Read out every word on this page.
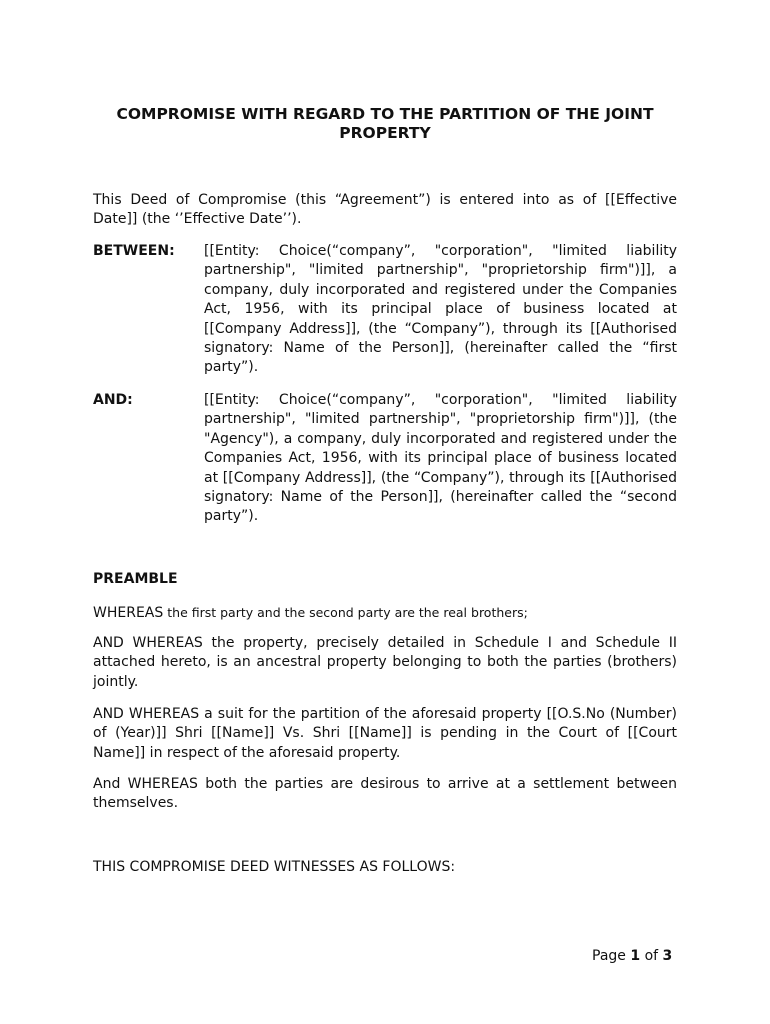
COMPROMISE WITH REGARD TO THE PARTITION OF THE JOINT PROPERTY
This Deed of Compromise (this “Agreement”) is entered into as of [[Effective Date]] (the ‘’Effective Date’’).
BETWEEN: [[Entity: Choice(“company”, "corporation", "limited liability partnership", "limited partnership", "proprietorship firm")]], a company, duly incorporated and registered under the Companies Act, 1956, with its principal place of business located at [[Company Address]], (the “Company”), through its [[Authorised signatory: Name of the Person]], (hereinafter called the “first party”).
AND:	[[Entity: Choice(“company”, "corporation", "limited liability partnership", "limited partnership", "proprietorship firm")]], (the "Agency"), a company, duly incorporated and registered under the Companies Act, 1956, with its principal place of business located at [[Company Address]], (the “Company”), through its [[Authorised signatory: Name of the Person]], (hereinafter called the “second party”).
PREAMBLE
WHEREAS the first party and the second party are the real brothers;
AND WHEREAS the property, precisely detailed in Schedule I and Schedule II attached hereto, is an ancestral property belonging to both the parties (brothers) jointly.
AND WHEREAS a suit for the partition of the aforesaid property [[O.S.No (Number) of (Year)]] Shri [[Name]] Vs. Shri [[Name]] is pending in the Court of [[Court Name]] in respect of the aforesaid property.
And WHEREAS both the parties are desirous to arrive at a settlement between themselves.
THIS COMPROMISE DEED WITNESSES AS FOLLOWS:
Page 1 of 3
